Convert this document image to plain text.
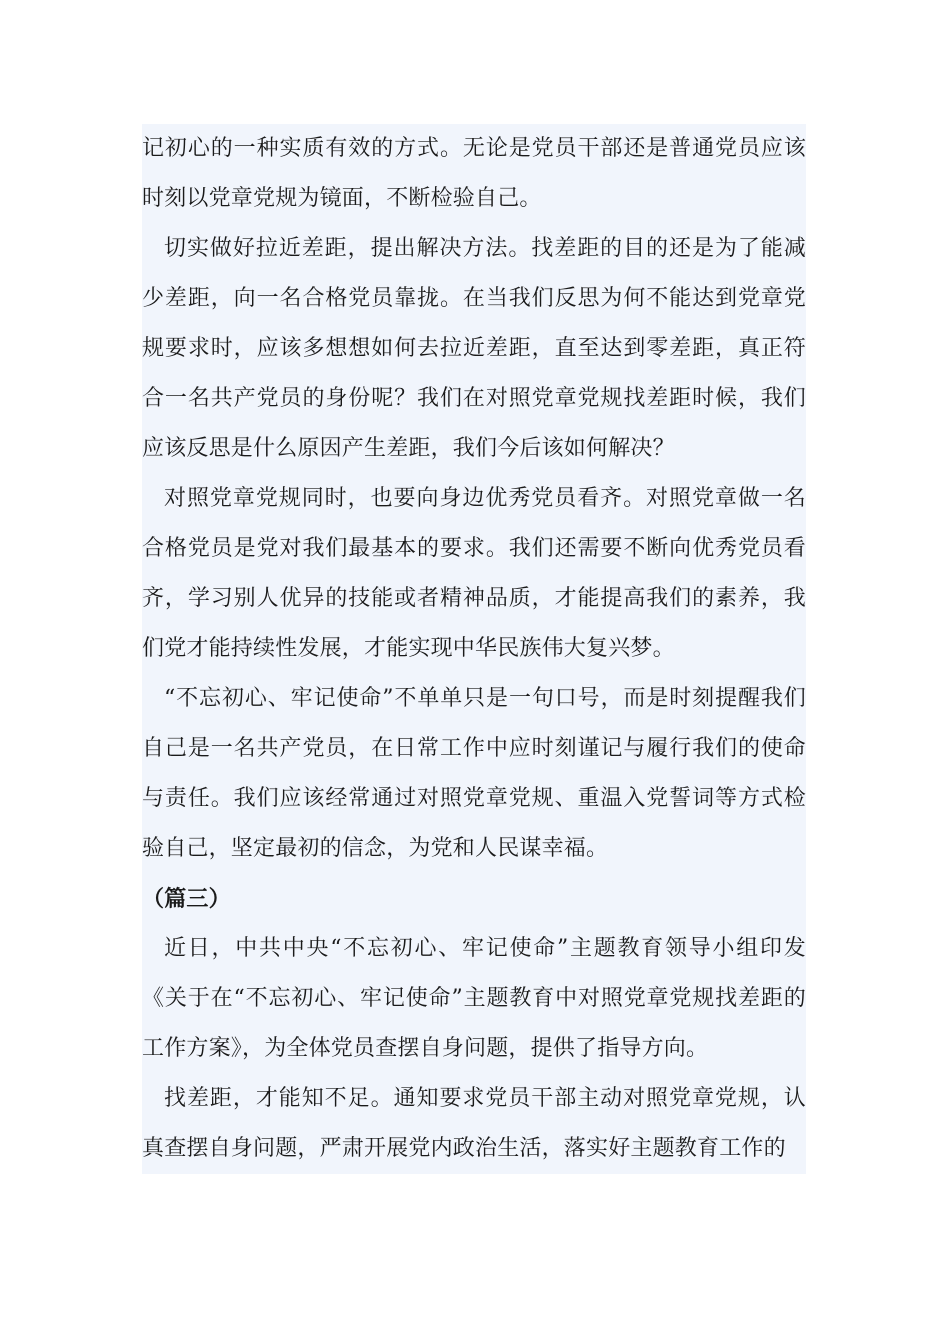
记初心的一种实质有效的方式。无论是党员干部还是普通党员应该时刻以党章党规为镜面，不断检验自己。

切实做好拉近差距，提出解决方法。找差距的目的还是为了能减少差距，向一名合格党员靠拢。在当我们反思为何不能达到党章党规要求时，应该多想想如何去拉近差距，直至达到零差距，真正符合一名共产党员的身份呢？我们在对照党章党规找差距时候，我们应该反思是什么原因产生差距，我们今后该如何解决？

对照党章党规同时，也要向身边优秀党员看齐。对照党章做一名合格党员是党对我们最基本的要求。我们还需要不断向优秀党员看齐，学习别人优异的技能或者精神品质，才能提高我们的素养，我们党才能持续性发展，才能实现中华民族伟大复兴梦。

“不忘初心、牢记使命”不单单只是一句口号，而是时刻提醒我们自己是一名共产党员，在日常工作中应时刻谨记与履行我们的使命与责任。我们应该经常通过对照党章党规、重温入党誓词等方式检验自己，坚定最初的信念，为党和人民谋幸福。

（篇三）

近日，中共中央“不忘初心、牢记使命”主题教育领导小组印发《关于在“不忘初心、牢记使命”主题教育中对照党章党规找差距的工作方案》，为全体党员查摆自身问题，提供了指导方向。

找差距，才能知不足。通知要求党员干部主动对照党章党规，认真查摆自身问题，严肃开展党内政治生活，落实好主题教育工作的
